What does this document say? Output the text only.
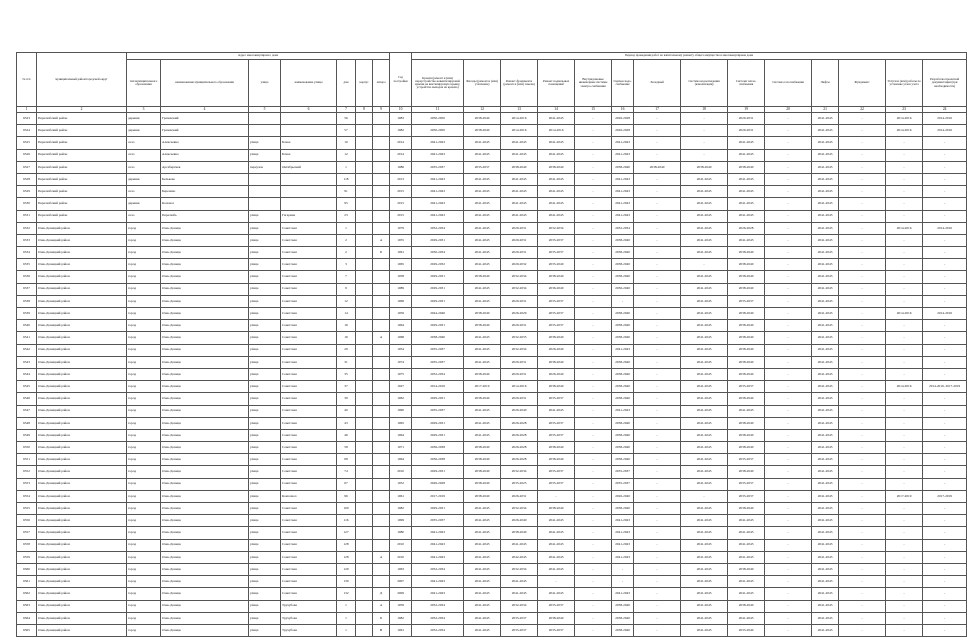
№ п/п	муниципальный район/городской округ	Адрес многоквартирного дома							Год постройки	Период проведения работ по капитальному ремонту общего имущества в многоквартирном доме														
		тип муниципального образования	наименование муниципального образования	улица	наименование улицы	дом	корпус	литера		Кровля (ремонт и (или) переустройство невентилируемой крыши на вентилируемую крышу, устройство выходов на кровлю)	Фасады (ремонт и (или) утепление)	Ремонт фундамента (ремонт и (или) замена)	Ремонт подвальных помещений	Внутридомовые инженерные системы электро-снабжения	Горячее водо-снабжение	Холодный	Система водоотведения (канализации)	Система тепло-снабжения	Система газоснабжения	Лифты	Фундамент	Услуги и (или) работы по установке узлов учета	Разработка проектной документации (при необходимости)	
1	2	3	4	5	6	7	8	9	10	11	12	13	14	15	16	17	18	19	20	21	22	23	24	
6323	Перелюбский район	деревня	Грачевский			56			1983	2050-2050	2038-2040	2014-2016	2041-2043	-	2026-2028	-	-	2029-2031	-	2041-2043	-	2014-2016	2014-2016	
6324	Перелюбский район	деревня	Грачевский			57			1982	2050-2050	2038-2040	2014-2016	2014-2016	-	2026-2028	-	-	2029-2031	-	2041-2043	-	2014-2016	2014-2016	
6325	Перелюбский район	село	Алексеевка	улица	Бочка	10			2014	2041-2043	2041-2043	2041-2043	2041-2043	-	2041-2043	-	-	2041-2043	-	2041-2043	-	-	-	
6326	Перелюбский район	село	Алексеевка	улица	Бочка	12			2014	2041-2043	2041-2043	2041-2043	2041-2043	-	2041-2043	-	-	2041-2043	-	2041-2043	-	-	-	
6327	Перелюбский район	село	Арсебергиев	переулок	Октябрьский	1			1986	2035-2037	2035-2037	2038-2040	2038-2040	-	2038-2040	2038-2040	2038-2040	2038-2040	-	2041-2043	-	-	-	
6328	Перелюбский район	деревня	Бельково			118			2013	2041-2043	2041-2043	2041-2043	2041-2043	-	2041-2043	-	2041-2043	2041-2043	-	2041-2043	-	-	-	
6329	Перелюбский район	село	Березино			91			2015	2041-2043	2041-2043	2041-2043	2041-2043	-	2041-2043	-	2041-2043	2041-2043	-	2041-2043	-	-	-	
6330	Перелюбский район	деревня	Колокол			95			2015	2041-2043	2041-2043	2041-2043	2041-2043	-	2041-2043	-	2041-2043	2041-2043	-	2041-2043	-	-	-	
6331	Перелюбский район	село	Перелюбь	улица	Гагарина	23			2015	2041-2043	2041-2043	2041-2043	2041-2043	-	2041-2043	-	2041-2043	2041-2043	-	2041-2043	-	-	-	
6332	Озек-Донецкий район	город	Озек-Донецк	улица	Советская	1			1979	2032-2034	2041-2043	2029-2031	2032-2034	-	2032-2034	-	2041-2043	2026-2028	-	2041-2043	-	2014-2016	2014-2016	
6333	Озек-Донецкий район	город	Озек-Донецк	улица	Советская	2		А	1955	2029-2031	2041-2043	2029-2031	2035-2037	-	2038-2040	-	2041-2043	2041-2043	-	2041-2043	-	-	-	
6334	Озек-Донецкий район	город	Озек-Донецк	улица	Советская	2		Б	1961	2030-2034	2041-2043	2029-2031	2035-2037	-	2038-2040	-	2041-2043	2038-2040	-	2041-2043	-	-	-	
6335	Озек-Донецкий район	город	Озек-Донецк	улица	Советская	3			1965	2029-2032	2041-2043	2029-2032	2035-2040	-	2038-2040	-	-	2038-2040	-	2041-2043	-	-	-	
6336	Озек-Донецкий район	город	Озек-Донецк	улица	Советская	7			1958	2029-2031	2038-2040	2032-2034	2038-2040	-	2038-2040	-	2041-2043	2038-2040	-	2041-2043	-	-	-	
6337	Озек-Донецкий район	город	Озек-Донецк	улица	Советская	9			1989	2029-2031	2041-2043	2032-2034	2036-2040	-	2036-2040	-	2041-2043	2038-2040	-	2041-2043	-	-	-	
6338	Озек-Донецкий район	город	Озек-Донецк	улица	Советская	12			1969	2029-2031	2041-2043	2029-2031	2035-2037	-	-	-	2041-2043	2035-2037	-	2041-2043	-	-	-	
6339	Озек-Донецкий район	город	Озек-Донецк	улица	Советская	14			1959	2044-2046	2038-2040	2026-2029	2035-2037	-	2038-2040	-	2041-2043	2038-2040	-	2041-2043	-	2014-2016	2014-2016	
6340	Озек-Донецкий район	город	Озек-Донецк	улица	Советская	16			1964	2029-2031	2038-2040	2029-2031	2035-2037	-	2038-2040	-	2041-2043	2038-2040	-	2041-2043	-	-	-	
6341	Озек-Донецкий район	город	Озек-Донецк	улица	Советская	16		А	1968	2038-2040	2041-2043	2032-2035	2038-2040	-	2038-2040	-	2041-2043	2038-2040	-	2041-2043	-	-	-	
6342	Озек-Донецкий район	город	Озек-Донецк	улица	Советская	29			1954	2035-2037	2041-2043	2032-2034	2026-2040	-	2041-2043	-	2041-2043	2038-2040	-	2041-2043	-	-	-	
6343	Озек-Донецкий район	город	Озек-Донецк	улица	Советская	31			1974	2035-2037	2041-2043	2029-2031	2038-2040	-	2038-2040	-	2041-2043	2038-2040	-	2041-2043	-	-	-	
6344	Озек-Донецкий район	город	Озек-Донецк	улица	Советская	35			1975	2032-2034	2038-2040	2029-2031	2026-2040	-	2038-2040	-	2041-2043	2038-2040	-	2041-2043	-	-	-	
6345	Озек-Донецкий район	город	Озек-Донецк	улица	Советская	37			1927	2014-2016	2017-2019	2014-2016	2038-2040	-	2038-2040	-	2041-2043	2035-2037	-	2041-2043	-	2014-2016	2014-2016, 2017-2019	
6346	Озек-Донецкий район	город	Озек-Донецк	улица	Советская	39			1962	2029-2031	2038-2040	2029-2031	2035-2037	-	2038-2040	-	2041-2043	2038-2040	-	2041-2043	-	-	-	
6347	Озек-Донецкий район	город	Озек-Донецк	улица	Советская	40			1990	2035-2037	2041-2043	2026-2040	2041-2043	-	2041-2043	-	2041-2043	2041-2043	-	2041-2043	-	-	-	
6348	Озек-Донецкий район	город	Озек-Донецк	улица	Советская	43			1965	2029-2031	2041-2043	2026-2028	2035-2037	-	2038-2040	-	2041-2043	2038-2040	-	2041-2043	-	-	-	
6349	Озек-Донецкий район	город	Озек-Донецк	улица	Советская	46			1964	2029-2031	2041-2043	2026-2028	2035-2037	-	2038-2040	-	2041-2043	2038-2040	-	2041-2043	-	-	-	
6350	Озек-Донецкий район	город	Озек-Донецк	улица	Советская	58			1971	2036-2038	2038-2040	2026-2028	2038-2040	-	2038-2040	-	2041-2043	2038-2040	-	2041-2043	-	-	-	
6351	Озек-Донецкий район	город	Озек-Донецк	улица	Советская	68			1964	2036-2038	2038-2040	2026-2028	2038-2040	-	2038-2040	-	2041-2043	2035-2037	-	2041-2043	-	-	-	
6352	Озек-Донецкий район	город	Озек-Донецк	улица	Советская	74			2010	2029-2031	2038-2040	2032-2034	2035-2037	-	2035-2037	-	2041-2043	2038-2040	-	2041-2043	-	-	-	
6353	Озек-Донецкий район	город	Озек-Донецк	улица	Советская	67			1952	2026-2028	2038-2040	2035-2025	2035-2037	-	2035-2037	-	2041-2043	2035-2037	-	2041-2043	-	-	-	
6354	Озек-Донецкий район	город	Озек-Донецк	улица	Комсомол	96			1961	2017-2019	2038-2040	2026-2031	-	-	2026-2040	-	-	2035-2037	-	2041-2043	-	2017-2019	2017-2019	
6355	Озек-Донецкий район	город	Озек-Донецк	улица	Советская	100			1982	2029-2031	2041-2043	2032-2034	2038-2040	-	2038-2040	-	2041-2043	2038-2040	-	2041-2043	-	-	-	
6356	Озек-Донецкий район	город	Озек-Донецк	улица	Советская	116			1999	2035-2037	2041-2043	2026-2040	2041-2043	-	2041-2043	-	2041-2043	2041-2043	-	2041-2043	-	-	-	
6357	Озек-Донецкий район	город	Озек-Донецк	улица	Советская	127			1980	2041-2043	2041-2043	2038-2040	2041-2043	-	2041-2043	-	2041-2043	2041-2043	-	2041-2043	-	-	-	
6358	Озек-Донецкий район	город	Озек-Донецк	улица	Советская	128			2010	2041-2043	2041-2043	2041-2043	2041-2043	-	2041-2043	-	2041-2043	2041-2043	-	2041-2043	-	-	-	
6359	Озек-Донецкий район	город	Озек-Донецк	улица	Советская	128		А	2010	2041-2043	2041-2043	2042-2043	2041-2043	-	2041-2043	-	2041-2043	2041-2043	-	2041-2043	-	-	-	
6360	Озек-Донецкий район	город	Озек-Донецк	улица	Советская	129			1963	2032-2034	2041-2043	2032-2034	2041-2043	-	-	-	2041-2043	2038-2040	-	2041-2043	-	-	-	
6361	Озек-Донецкий район	город	Озек-Донецк	улица	Советская	130			2007	2041-2043	2041-2043	2041-2043	-	-	-	-	2041-2043	2041-2043	-	2041-2043	-	-	-	
6362	Озек-Донецкий район	город	Озек-Донецк	улица	Советская	132		Д	2009	2041-2043	2041-2043	2041-2043	2041-2043	-	2041-2043	-	2041-2043	2041-2043	-	2041-2043	-	-	-	
6363	Озек-Донецкий район	город	Озек-Донецк	улица	Трухубова	1		А	1959	2032-2034	2041-2043	2032-2034	2035-2037	-	2038-2040	-	2041-2043	2038-2040	-	2041-2043	-	-	-	
6364	Озек-Донецкий район	город	Озек-Донецк	улица	Трухубова	1		Б	1982	2032-2034	2041-2043	2035-2037	2038-2040	-	2038-2040	-	2041-2043	2041-2043	-	2041-2043	-	-	-	
6365	Озек-Донецкий район	город	Озек-Донецк	улица	Трухубова	1		В	1961	2032-2034	2041-2043	2035-2037	2035-2037	-	2038-2040	-	2041-2043	2035-2040	-	2041-2043	-	-	-	
